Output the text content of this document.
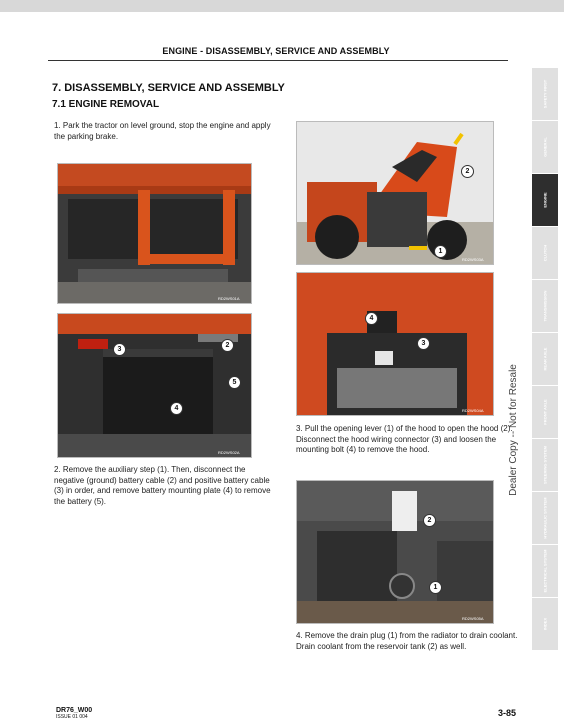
ENGINE - DISASSEMBLY, SERVICE AND ASSEMBLY
7. DISASSEMBLY, SERVICE AND ASSEMBLY
7.1 ENGINE REMOVAL
1. Park the tractor on level ground, stop the engine and apply the parking brake.
RD2WS01A
RD2WS02A
3
2
5
4
2. Remove the auxiliary step (1). Then, disconnect the negative (ground) battery cable (2) and positive battery cable (3) in order, and remove battery mounting plate (4) to remove the battery (5).
RD2WS03A
2
1
RD2WS04A
4
3
3. Pull the opening lever (1) of the hood to open the hood (2). Disconnect the hood wiring connector (3) and loosen the mounting bolt (4) to remove the hood.
RD2WS05A
2
1
4. Remove the drain plug (1) from the radiator to drain coolant. Drain coolant from the reservoir tank (2) as well.
SAFETY FIRST
GENERAL
ENGINE
CLUTCH
TRANSMISSION
REAR AXLE
FRONT AXLE
STEERING SYSTEM
HYDRAULIC SYSTEM
ELECTRICAL SYSTEM
INDEX
Dealer Copy -- Not for Resale
DR76_W00
ISSUE 01 004	3-85
